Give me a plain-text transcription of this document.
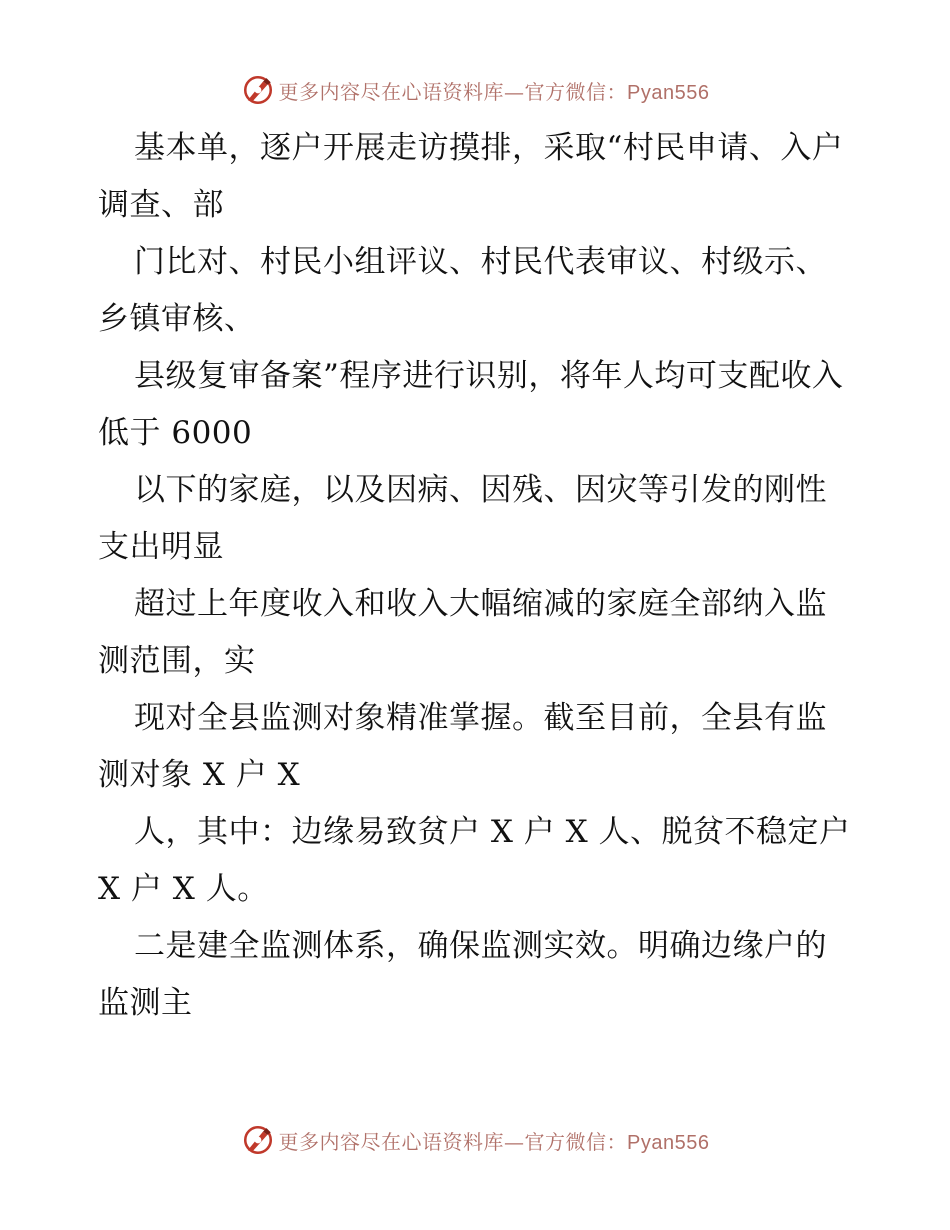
更多内容尽在心语资料库—官方微信：Pyan556

基本单，逐户开展走访摸排，采取“村民申请、入户调查、部

门比对、村民小组评议、村民代表审议、村级示、乡镇审核、

县级复审备案”程序进行识别，将年人均可支配收入低于 6000

以下的家庭，以及因病、因残、因灾等引发的刚性支出明显

超过上年度收入和收入大幅缩减的家庭全部纳入监测范围，实

现对全县监测对象精准掌握。截至目前，全县有监测对象 X 户 X

人，其中：边缘易致贫户 X 户 X 人、脱贫不稳定户 X 户 X 人。

二是建全监测体系，确保监测实效。明确边缘户的监测主

更多内容尽在心语资料库—官方微信：Pyan556
